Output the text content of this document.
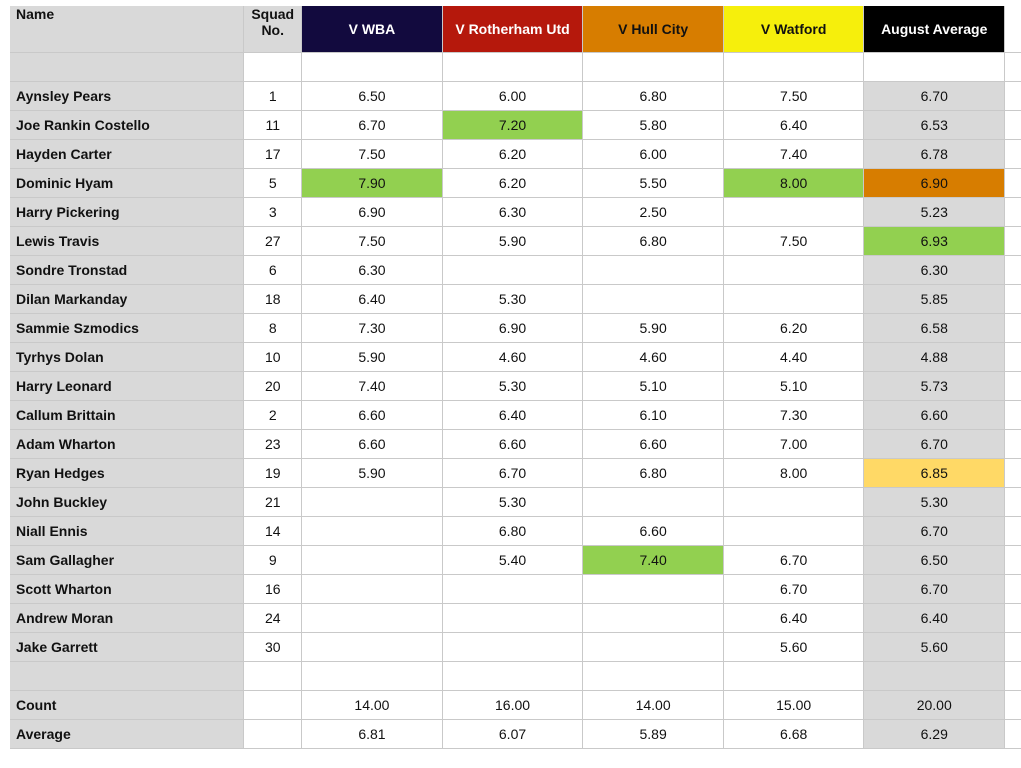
Name	Squad
No.	V WBA	V Rotherham Utd	V Hull City	V Watford	August Average	

Aynsley Pears	1	6.50	6.00	6.80	7.50	6.70	
Joe Rankin Costello	11	6.70	7.20	5.80	6.40	6.53	
Hayden Carter	17	7.50	6.20	6.00	7.40	6.78	
Dominic Hyam	5	7.90	6.20	5.50	8.00	6.90	
Harry Pickering	3	6.90	6.30	2.50		5.23	
Lewis Travis	27	7.50	5.90	6.80	7.50	6.93	
Sondre Tronstad	6	6.30				6.30	
Dilan Markanday	18	6.40	5.30			5.85	
Sammie Szmodics	8	7.30	6.90	5.90	6.20	6.58	
Tyrhys Dolan	10	5.90	4.60	4.60	4.40	4.88	
Harry Leonard	20	7.40	5.30	5.10	5.10	5.73	
Callum Brittain	2	6.60	6.40	6.10	7.30	6.60	
Adam Wharton	23	6.60	6.60	6.60	7.00	6.70	
Ryan Hedges	19	5.90	6.70	6.80	8.00	6.85	
John Buckley	21		5.30			5.30	
Niall Ennis	14		6.80	6.60		6.70	
Sam Gallagher	9		5.40	7.40	6.70	6.50	
Scott Wharton	16				6.70	6.70	
Andrew Moran	24				6.40	6.40	
Jake Garrett	30				5.60	5.60	

Count		14.00	16.00	14.00	15.00	20.00	
Average		6.81	6.07	5.89	6.68	6.29	
